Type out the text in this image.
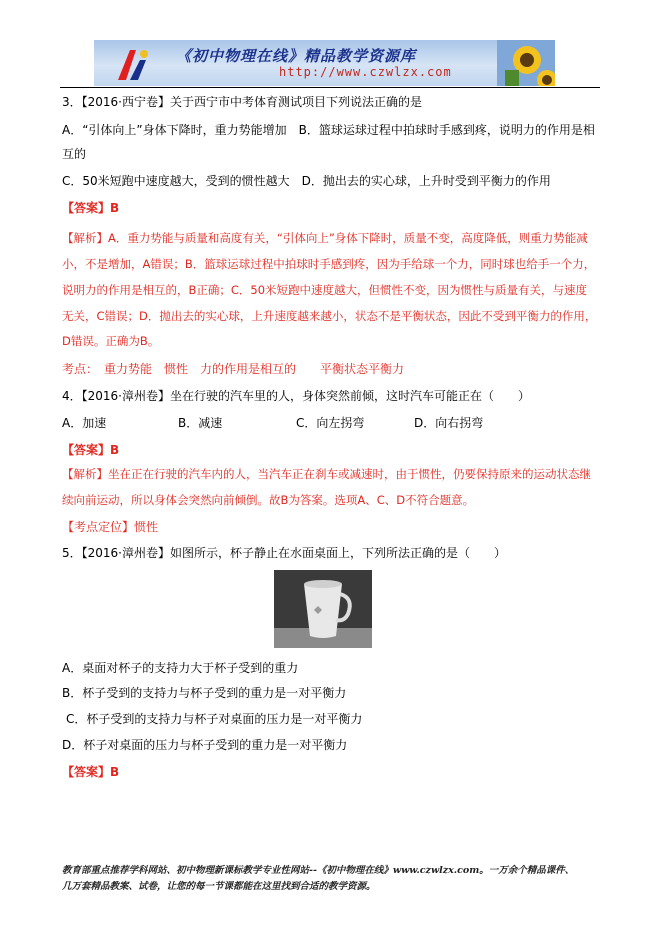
《初中物理在线》精品教学资源库
http://www.czwlzx.com
3．【2016·西宁卷】关于西宁市中考体育测试项目下列说法正确的是
A．“引体向上”身体下降时，重力势能增加　B．篮球运球过程中拍球时手感到疼，说明力的作用是相
互的
C．50米短跑中速度越大，受到的惯性越大　D．抛出去的实心球，上升时受到平衡力的作用
【答案】B
【解析】A．重力势能与质量和高度有关，“引体向上”身体下降时，质量不变，高度降低，则重力势能减
小，不是增加，A错误；B．篮球运球过程中拍球时手感到疼，因为手给球一个力，同时球也给手一个力，
说明力的作用是相互的，B正确；C．50米短跑中速度越大，但惯性不变，因为惯性与质量有关，与速度
无关，C错误；D．抛出去的实心球，上升速度越来越小，状态不是平衡状态，因此不受到平衡力的作用，
D错误。正确为B。
考点：　重力势能　惯性　力的作用是相互的　　平衡状态平衡力
4．【2016·漳州卷】坐在行驶的汽车里的人，身体突然前倾，这时汽车可能正在（　　）
A．加速	B．减速	C．向左拐弯	D．向右拐弯
【答案】B
【解析】坐在正在行驶的汽车内的人，当汽车正在刹车或减速时，由于惯性，仍要保持原来的运动状态继
续向前运动，所以身体会突然向前倾倒。故B为答案。选项A、C、D不符合题意。
【考点定位】惯性
5．【2016·漳州卷】如图所示，杯子静止在水面桌面上，下列所法正确的是（　　）
A．桌面对杯子的支持力大于杯子受到的重力
B．杯子受到的支持力与杯子受到的重力是一对平衡力
C．杯子受到的支持力与杯子对桌面的压力是一对平衡力
D．杯子对桌面的压力与杯子受到的重力是一对平衡力
【答案】B
教育部重点推荐学科网站、初中物理新课标教学专业性网站--《初中物理在线》www.czwlzx.com。一万余个精品课件、
几万套精品教案、试卷，让您的每一节课都能在这里找到合适的教学资源。
